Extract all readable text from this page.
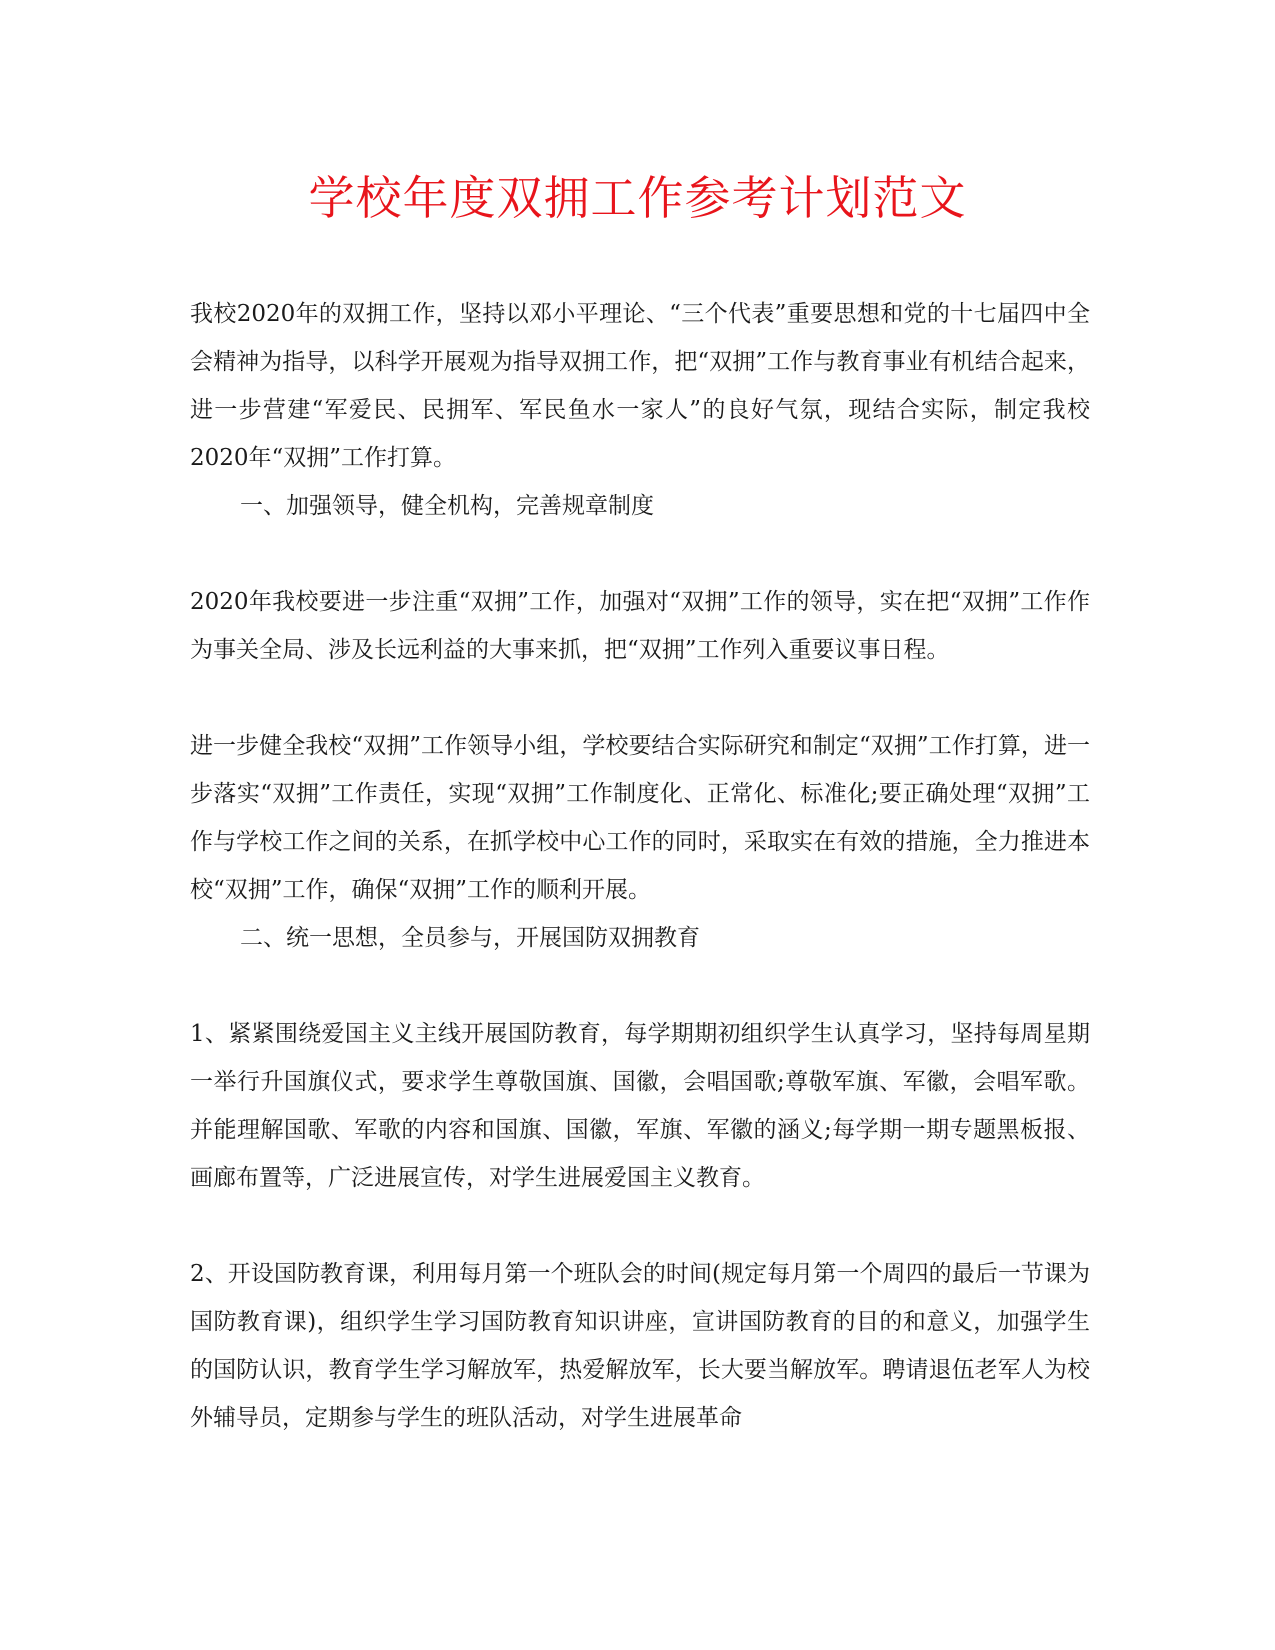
学校年度双拥工作参考计划范文

我校2020年的双拥工作，坚持以邓小平理论、“三个代表”重要思想和党的十七届四中全会精神为指导，以科学开展观为指导双拥工作，把“双拥”工作与教育事业有机结合起来，进一步营建“军爱民、民拥军、军民鱼水一家人”的良好气氛，现结合实际，制定我校2020年“双拥”工作打算。

一、加强领导，健全机构，完善规章制度

2020年我校要进一步注重“双拥”工作，加强对“双拥”工作的领导，实在把“双拥”工作作为事关全局、涉及长远利益的大事来抓，把“双拥”工作列入重要议事日程。

进一步健全我校“双拥”工作领导小组，学校要结合实际研究和制定“双拥”工作打算，进一步落实“双拥”工作责任，实现“双拥”工作制度化、正常化、标准化;要正确处理“双拥”工作与学校工作之间的关系，在抓学校中心工作的同时，采取实在有效的措施，全力推进本校“双拥”工作，确保“双拥”工作的顺利开展。

二、统一思想，全员参与，开展国防双拥教育

1、紧紧围绕爱国主义主线开展国防教育，每学期期初组织学生认真学习，坚持每周星期一举行升国旗仪式，要求学生尊敬国旗、国徽，会唱国歌;尊敬军旗、军徽，会唱军歌。并能理解国歌、军歌的内容和国旗、国徽，军旗、军徽的涵义;每学期一期专题黑板报、画廊布置等，广泛进展宣传，对学生进展爱国主义教育。

2、开设国防教育课，利用每月第一个班队会的时间(规定每月第一个周四的最后一节课为国防教育课)，组织学生学习国防教育知识讲座，宣讲国防教育的目的和意义，加强学生的国防认识，教育学生学习解放军，热爱解放军，长大要当解放军。聘请退伍老军人为校外辅导员，定期参与学生的班队活动，对学生进展革命
